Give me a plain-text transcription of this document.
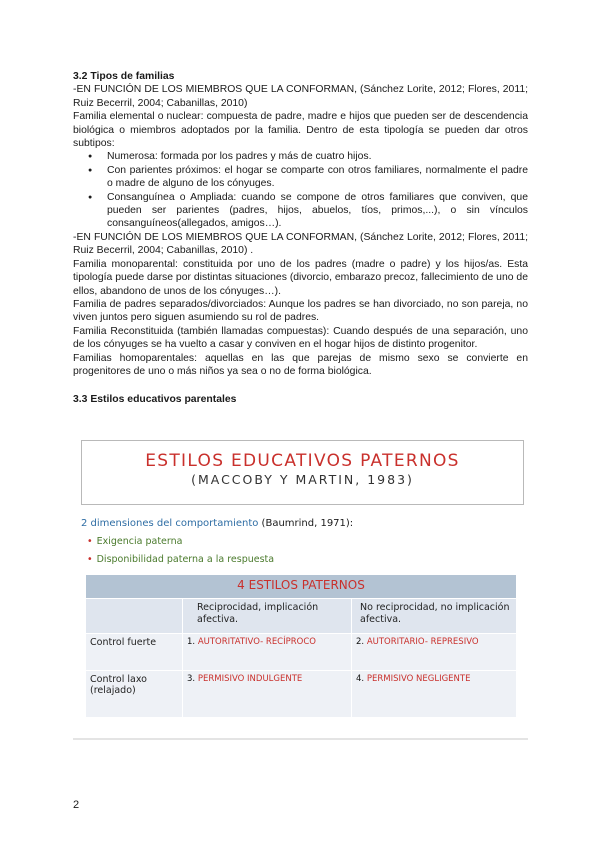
3.2 Tipos de familias

-EN FUNCIÓN DE LOS MIEMBROS QUE LA CONFORMAN, (Sánchez Lorite, 2012; Flores, 2011; Ruiz Becerril, 2004; Cabanillas, 2010)

Familia elemental o nuclear: compuesta de padre, madre e hijos que pueden ser de descendencia biológica o miembros adoptados por la familia. Dentro de esta tipología se pueden dar otros subtipos:

● Numerosa: formada por los padres y más de cuatro hijos.
● Con parientes próximos: el hogar se comparte con otros familiares, normalmente el padre o madre de alguno de los cónyuges.
● Consanguínea o Ampliada: cuando se compone de otros familiares que conviven, que pueden ser parientes (padres, hijos, abuelos, tíos, primos,...), o sin vínculos consanguíneos(allegados, amigos…).

-EN FUNCIÓN DE LOS MIEMBROS QUE LA CONFORMAN, (Sánchez Lorite, 2012; Flores, 2011; Ruiz Becerril, 2004; Cabanillas, 2010) .

Familia monoparental: constituida por uno de los padres (madre o padre) y los hijos/as. Esta tipología puede darse por distintas situaciones (divorcio, embarazo precoz, fallecimiento de uno de ellos, abandono de unos de los cónyuges…).

Familia de padres separados/divorciados: Aunque los padres se han divorciado, no son pareja, no viven juntos pero siguen asumiendo su rol de padres.

Familia Reconstituida (también llamadas compuestas): Cuando después de una separación, uno de los cónyuges se ha vuelto a casar y conviven en el hogar hijos de distinto progenitor.

Familias homoparentales: aquellas en las que parejas de mismo sexo se convierte en progenitores de uno o más niños ya sea o no de forma biológica.

3.3 Estilos educativos parentales

ESTILOS EDUCATIVOS PATERNOS
(MACCOBY Y MARTIN, 1983)
2 dimensiones del comportamiento (Baumrind, 1971):
• Exigencia paterna
• Disponibilidad paterna a la respuesta
4 ESTILOS PATERNOS		
	Reciprocidad, implicación afectiva.	No reciprocidad, no implicación afectiva.
Control fuerte	1. AUTORITATIVO- RECÍPROCO	2. AUTORITARIO- REPRESIVO
Control laxo (relajado)	3. PERMISIVO INDULGENTE	4. PERMISIVO NEGLIGENTE
2
